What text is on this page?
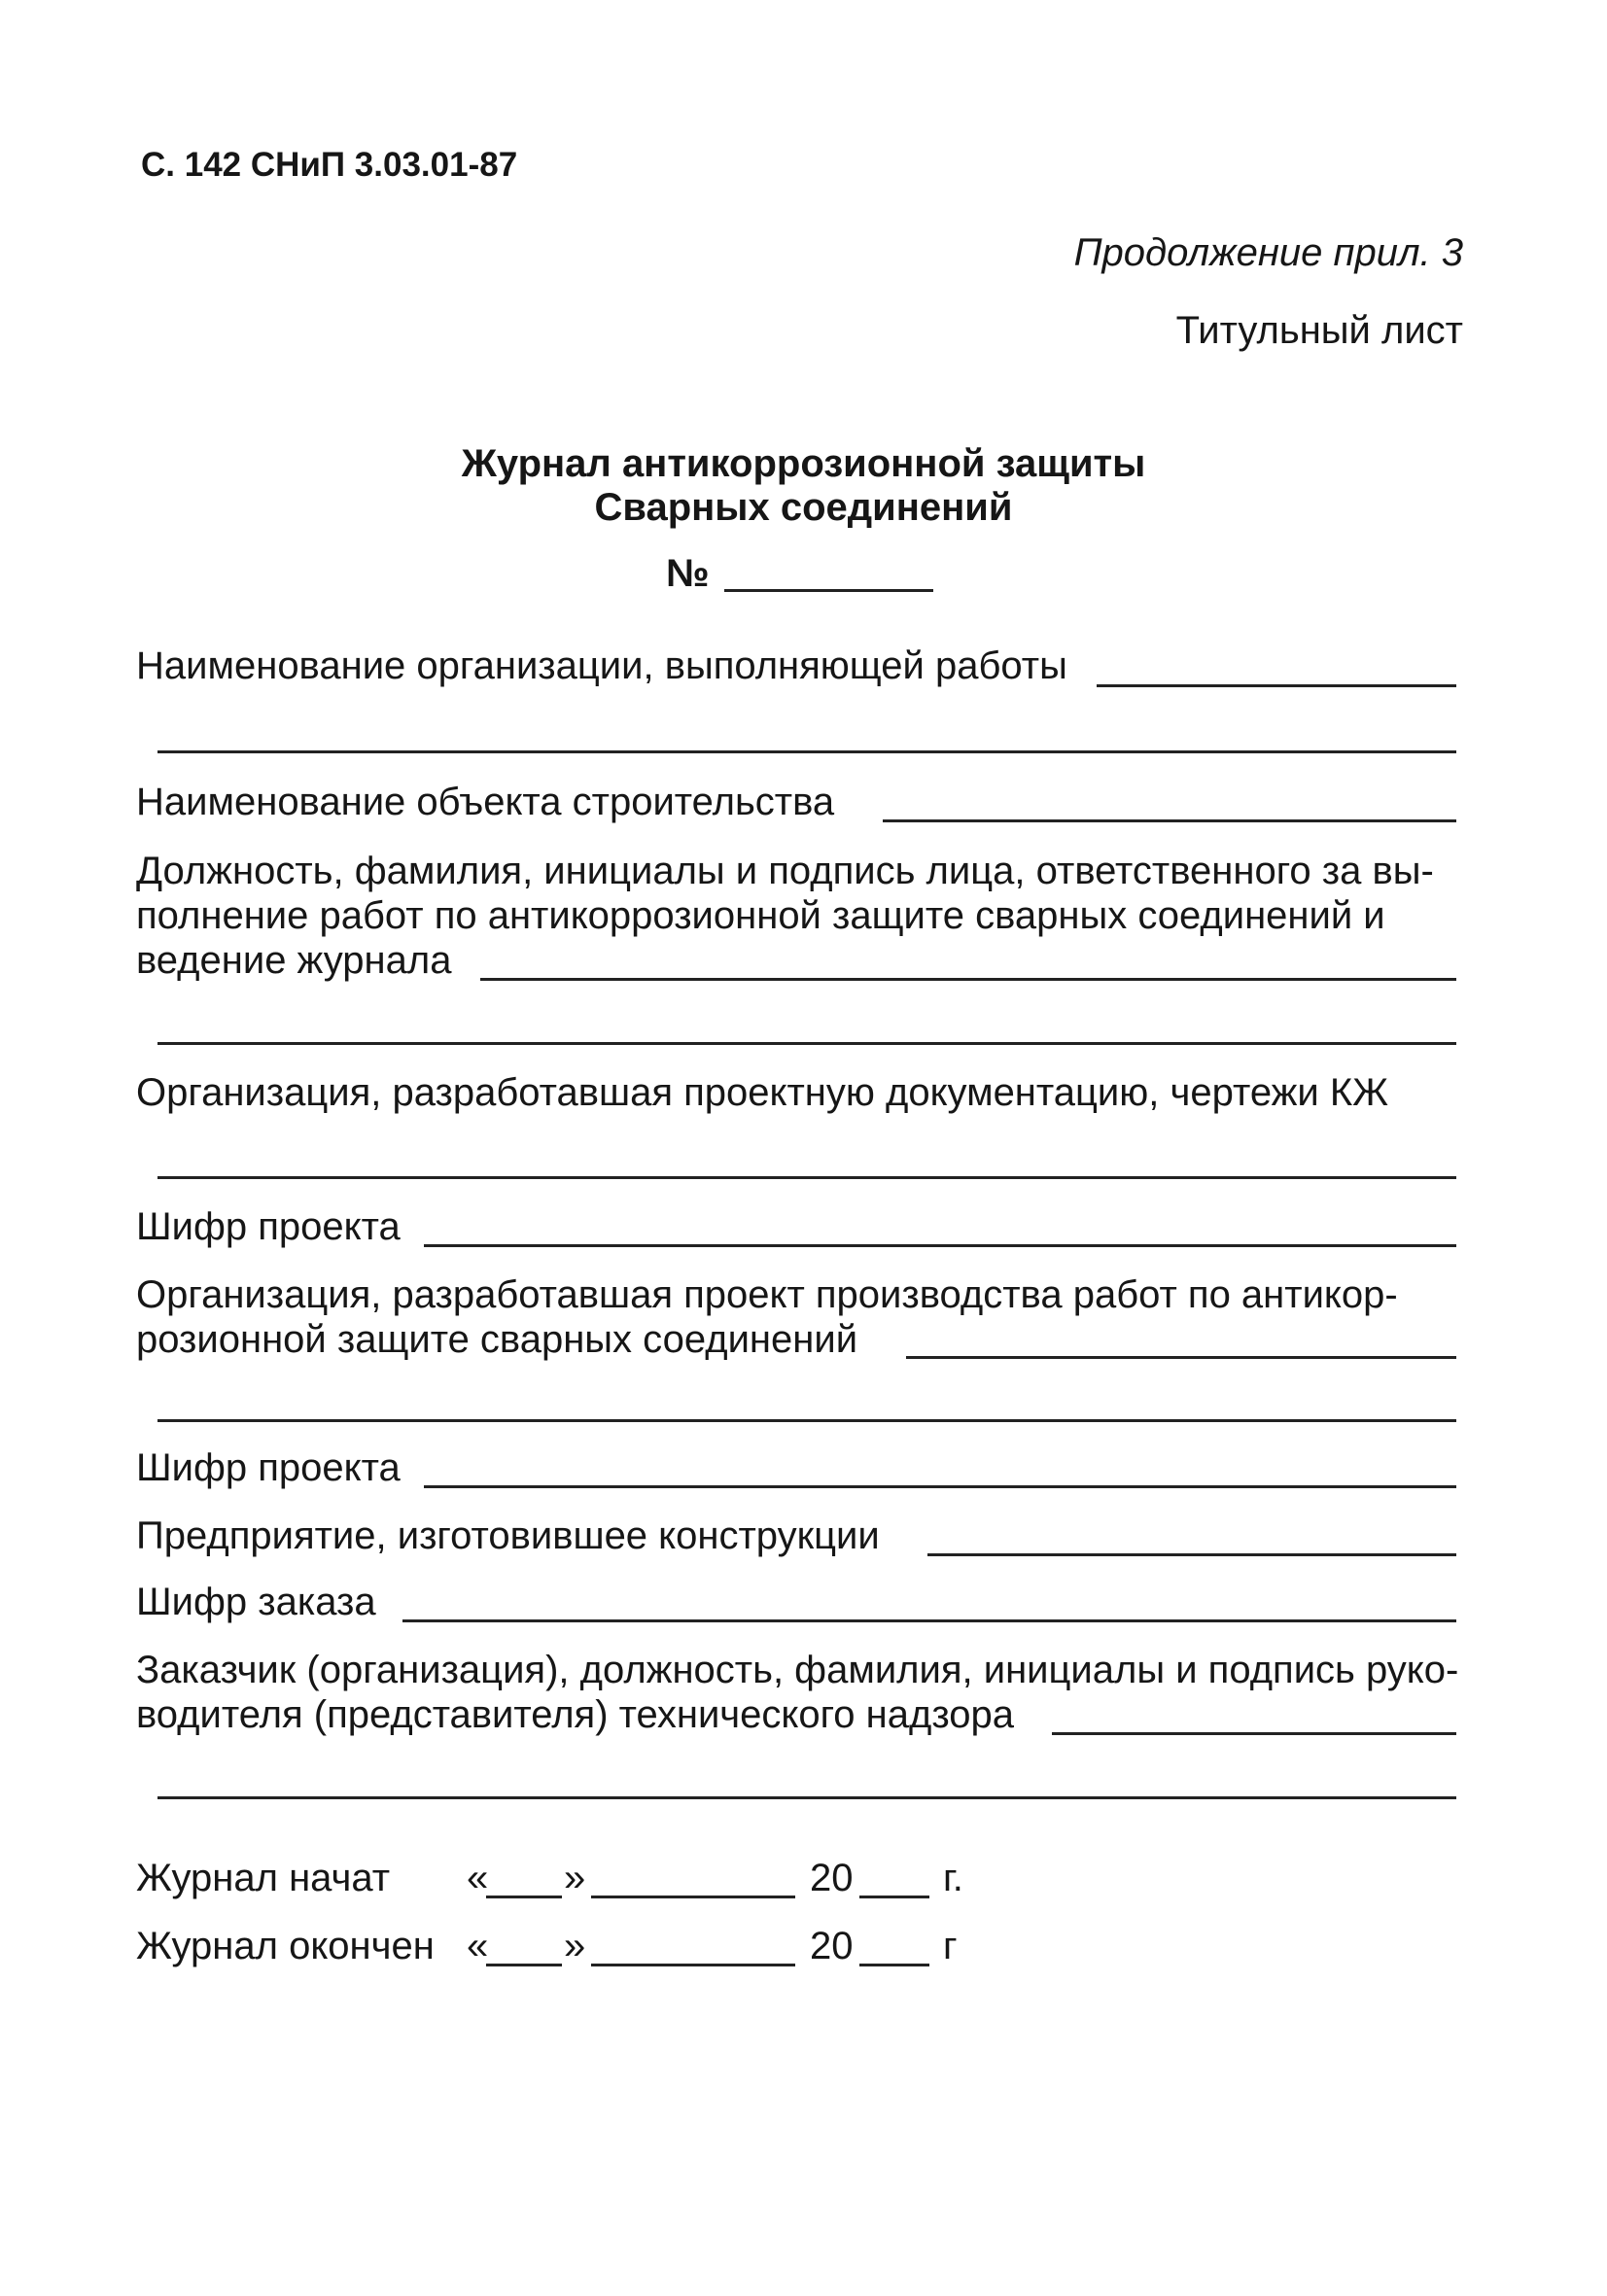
С. 142 СНиП 3.03.01-87
Продолжение прил. 3
Титульный лист
Журнал антикоррозионной защиты
Сварных соединений
№
Наименование организации, выполняющей работы
Наименование объекта строительства
Должность, фамилия, инициалы и подпись лица, ответственного за вы-
полнение работ по антикоррозионной защите сварных соединений и
ведение журнала
Организация, разработавшая проектную документацию, чертежи КЖ
Шифр проекта
Организация, разработавшая проект производства работ по антикор-
розионной защите сварных соединений
Шифр проекта
Предприятие, изготовившее конструкции
Шифр заказа
Заказчик (организация), должность, фамилия, инициалы и подпись руко-
водителя (представителя) технического надзора
Журнал начат « »	20 г.
Журнал окончен « »	20 г
